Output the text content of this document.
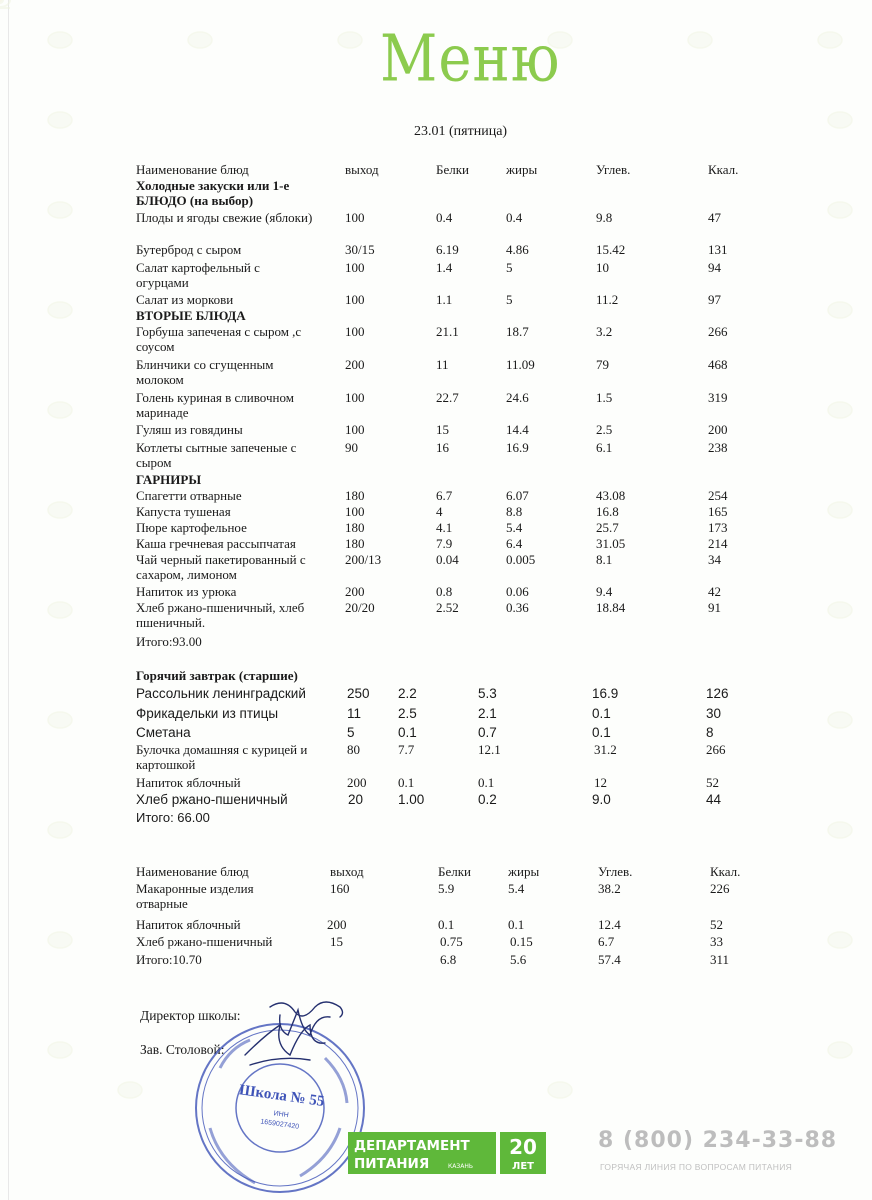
Меню
23.01 (пятница)
Наименование блюд	выход	Белки	жиры	Углев.	Ккал.
Холодные закуски или 1-е БЛЮДО (на выбор)
Плоды и ягоды свежие (яблоки)	100	0.4	0.4	9.8	47
Бутерброд с сыром	30/15	6.19	4.86	15.42	131
Салат картофельный с огурцами
100	1.4	5	10	94
Салат из моркови	100	1.1	5	11.2	97
ВТОРЫЕ БЛЮДА
Горбуша запеченая с сыром ,с соусом
100	21.1	18.7	3.2	266
Блинчики со сгущенным молоком
200	11	11.09	79	468
Голень куриная в сливочном маринаде
100	22.7	24.6	1.5	319
Гуляш из говядины	100	15	14.4	2.5	200
Котлеты сытные запеченые с сыром
90	16	16.9	6.1	238
ГАРНИРЫ
Спагетти отварные	180	6.7	6.07	43.08	254
Капуста тушеная	100	4	8.8	16.8	165
Пюре картофельное	180	4.1	5.4	25.7	173
Каша гречневая рассыпчатая	180	7.9	6.4	31.05	214
Чай черный пакетированный с сахаром, лимоном
200/13	0.04	0.005	8.1	34
Напиток из урюка	200	0.8	0.06	9.4	42
Хлеб ржано-пшеничный, хлеб пшеничный.
20/20	2.52	0.36	18.84	91
Итого:93.00
Горячий завтрак (старшие)
Рассольник ленинградский	250 2.2	5.3	16.9	126
Фрикадельки из птицы	11	2.5	2.1	0.1	30
Сметана	5	0.1	0.7	0.1	8
Булочка домашняя с курицей и картошкой
80	7.7	12.1	31.2	266
Напиток яблочный	200 0.1	0.1	12	52
Хлеб ржано-пшеничный	20	1.00	0.2	9.0	44
Итого: 66.00
Наименование блюд	выход	Белки	жиры	Углев.	Ккал.
Макаронные изделия отварные
160	5.9	5.4	38.2	226
Напиток яблочный	200	0.1	0.1	12.4	52
Хлеб ржано-пшеничный	15	0.75	0.15	6.7	33
Итого:10.70	6.8	5.6	57.4	311
Директор школы:
Зав. Столовой:
Школа № 55
ИНН
1659027420
ДЕПАРТАМЕНТ
ПИТАНИЯ	КАЗАНЬ
20
ЛЕТ
8 (800) 234-33-88
ГОРЯЧАЯ ЛИНИЯ ПО ВОПРОСАМ ПИТАНИЯ
